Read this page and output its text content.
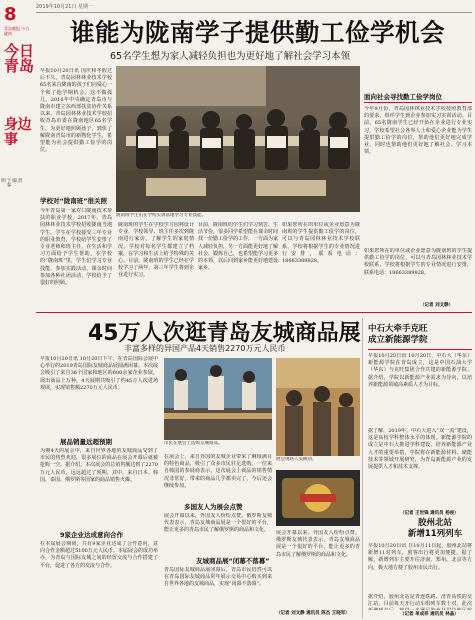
8
青岛晚报 今日陇南
2019年10月21日 星期一
今日青岛
谁能为陇南学子提供勤工俭学机会
65名学生想为家人减轻负担也为更好地了解社会学习本领
身边事
责编：于春明
早报10月20日讯 国庆和冬假过后不久，青岛园林林业技术学校65名来自陇南的孩子们向爱心一个和了他学期机会，这不做孤儿，2016年中央确定青岛市与陇南市建立东西部扶贫协作关系以来，青岛园林林业技术学校招收青岛市委在陇南地区65名学生，为更好地照顾孩子，到快了解陇南青岛市的新物化学生，希望能为社会提供勤工俭学的岗位。
陇南班学生们在学校实训基地学习专业技能。
学校对“陇南班”很关照
今年青岛第一家对口陇南技术帮扶的职业学校，2017年，青岛园林林业技术学校招收陇南当地学生，学生在学校接受三年专业的职业教育，学校给学生安排了专业老师和班主任，在生活和学习方面给予学生帮助，在学校的“陇南班”里，学生们学习专业技能、参加实践活动，课余时间参加各种社团活动，学校给予了很好的照顾。
陇南班的学生在学校学习园林设计专业，学校领导、班主任多次到陇南进行家访，了解学生的家庭情况。学校对每名学生都建立了档案，在学习和生活上给予特殊的关心。目前，陇南班的学生已经在学校学习了两年，第三年学生将到企业进行实习。
目前，陇南班的学生们学习刻苦、生活节俭，很多同学希望能在课余时间找一份勤工俭学的工作，一方面为家人减轻负担，另一方面能更好地了解社会、锻炼自己，也希望能学习更多的本领，以后回到家乡能更好地建设家乡。
如果您所在的单位或企业愿意为陇南班的学生提供勤工俭学的岗位，可以与青岛园林林业技术学校联系，学校将根据学生的专业情况进行安排，联系电话：18663389828。
面向社会寻找勤工俭学岗位
今年9月份，青岛园林林业技术学校按照教育部的要求，组织学生到企业参加实习实训活动。目前，65名陇南学生已经开始在企业进行专业实习，学校希望社会各界人士和爱心企业能为学生提供勤工俭学的岗位，帮助他们更好地完成学业，同时也帮助他们更好地了解社会、学习本领。
如果您所在的单位或企业愿意为陇南班的学生提供勤工俭学的岗位，可以与青岛园林林业技术学校联系，学校将根据学生的专业情况进行安排，联系电话：18663389828。
（记者 刘文静）
45万人次逛青岛友城商品展
丰富多样的异国产品4天销售2270万元人民币
早报10月20日讯 10月20日下午，在青岛国际会展中心举行的2019青岛国际友城商品展圆满闭幕。本次展会吸引了来自36个国家和地区的600余家企业参展，展出商品上万种，4天展期共吸引了约45万人次进场观展，实现销售额2270万元人民币。
展品销量远超预期
为期4天的展会中，来自世界各地的友城商品受到了市民的热烈欢迎，很多展位的商品在展会开幕后就被抢购一空。据介绍，本次展会的总销售额达到了2270万元人民币，远远超过了预期。其中，来自日本、韩国、泰国、俄罗斯等国家的商品销售火爆。
9家企业达成意向合作
在本届展会期间，共有9家企业达成了合作意向，意向合作金额超过5100万元人民币。本届展会的成功举办，为青岛与国际友城之间的经贸交流与合作搭建了平台，促进了各方的交流与合作。
市民在展会上选购友城商品。
展会现场人头攒动。
在展会上，来自外国的友城企业带来了琳琅满目的特色商品，吸引了众多市民驻足选购。一位来自韩国的参展商表示，这次展会上商品的销售情况非常好，带来的商品几乎都卖完了，今后还会继续参加。
多国友人为展会点赞
展会开幕以来，外国友人纷纷点赞。俄罗斯友城代表表示，青岛友城商品展是一个很好的平台，能让更多的青岛市民了解俄罗斯的商品和文化。
友城商品展“闭幕不落幕”
青岛国际友城商品展闭幕后，青岛市民仍然可以在青岛国际友城商品常年展示交易中心购买到来自世界各地的友城商品，实现“闭幕不落幕”。
展会开幕以来，外国友人纷纷点赞。俄罗斯友城代表表示，青岛友城商品展是一个很好的平台，能让更多的青岛市民了解俄罗斯的商品和文化。
（记者 刘文静 通讯员 陈杰 王晓军）
中石大牵手克旺
成立新能源学院
早报10月20日讯 10月20日，中石大（华东）新能源学院在青岛成立，这是中国石油大学（华东）与克旺集团合作共建的新能源学院。据介绍，学院以新能源产业需求为导向，以培养新能源领域高素质人才为目标。
据了解，2019年，中石大进入“双一流”建设，这是高校学科整体水平的体现。新能源学院的成立是中石大推进学科建设、培养新能源产业人才的重要举措，学院将在新能源材料、储能技术等领域开展研究，为青岛新能源产业的发展提供人才和技术支撑。
（记者 王世锋 通讯员 杨俊）
胶州北站
新增11列列车
早报10月20日讯 自10月11日起，胶州北站将新增11对列车，旅客出行将更加便捷。据了解，新增列车主要开往济南、郑州、北京等方向，极大地方便了胶州市民出行。
据介绍，胶州北站是青连铁路、济青高铁的交汇站，目前每天开行动车组列车数十对，此次
（记者 单成祥 通讯员 林晶）
